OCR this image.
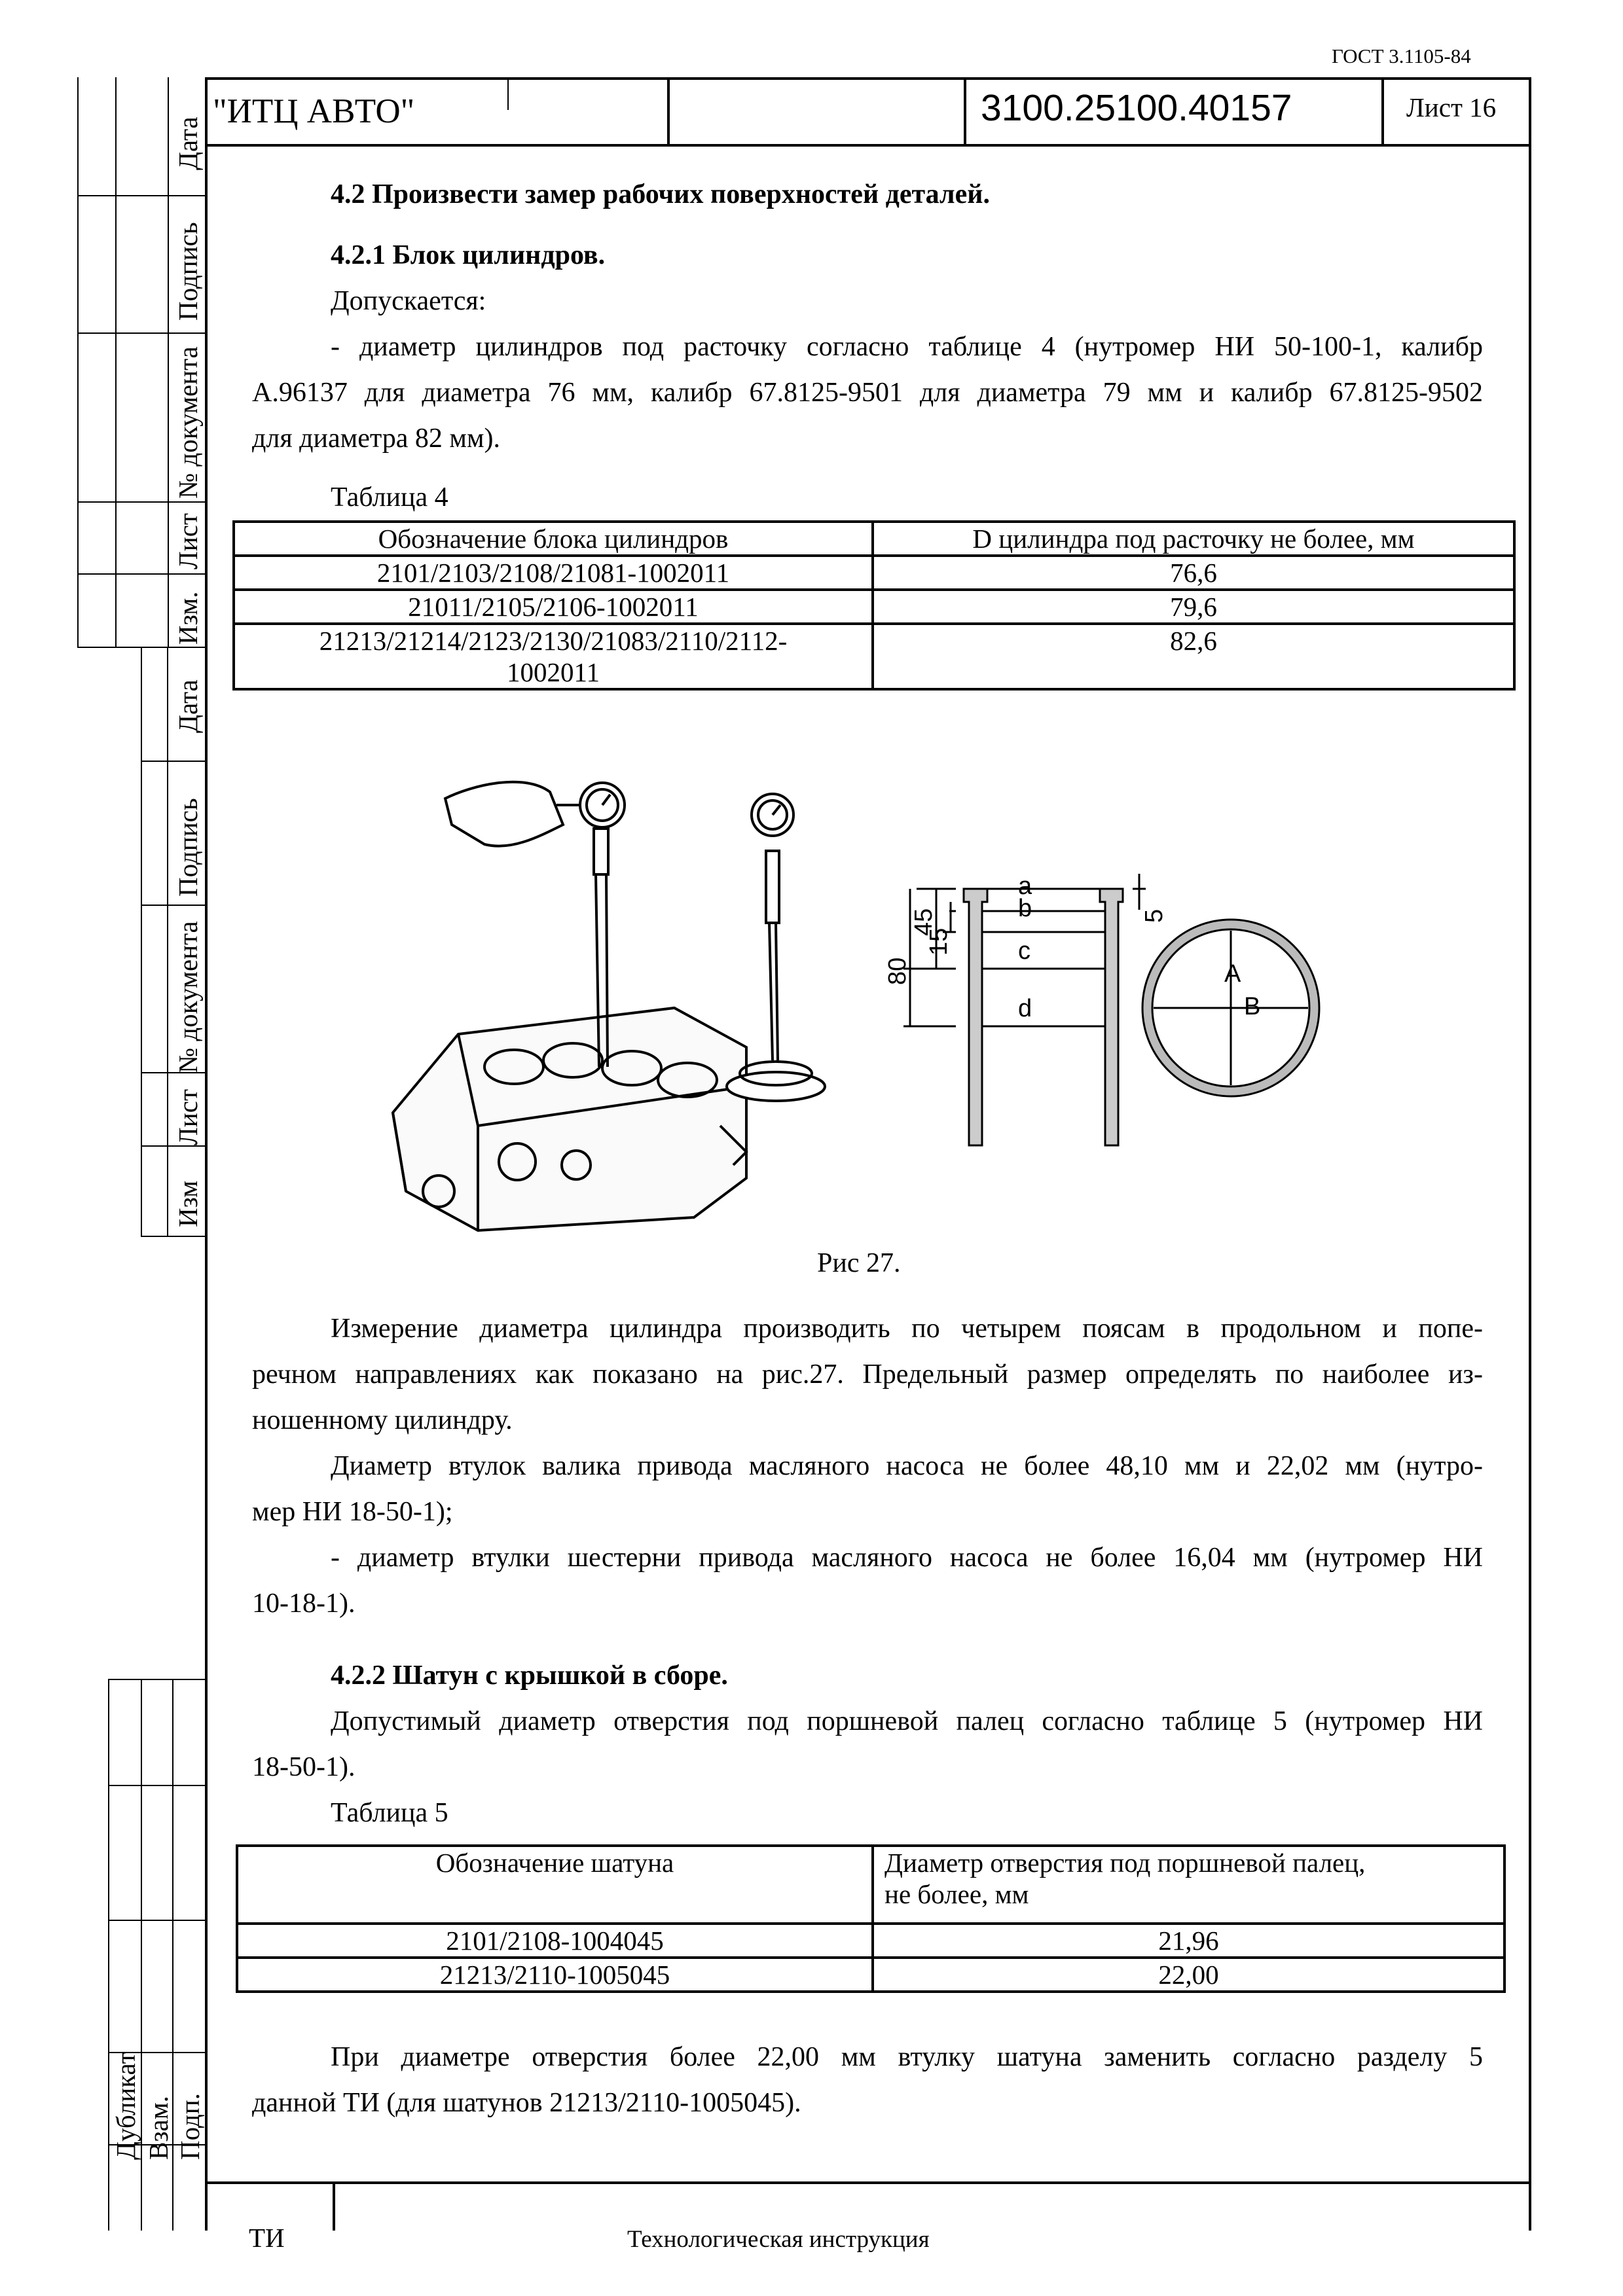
Дата
Подпись
№ документа
Лист
Изм.
Дата
Подпись
№ документа
Лист
Изм
Дубликат Взам. Подп.
ГОСТ 3.1105-84
"ИТЦ АВТО"	3100.25100.40157	Лист 16
4.2 Произвести замер рабочих поверхностей деталей.
4.2.1 Блок цилиндров.
Допускается:
- диаметр цилиндров под расточку согласно таблице 4 (нутромер НИ 50-100-1, калибр
А.96137 для диаметра 76 мм, калибр 67.8125-9501 для диаметра 79 мм и калибр 67.8125-9502
для диаметра 82 мм).
Таблица 4
Обозначение блока цилиндров	D цилиндра под расточку не более, мм
2101/2103/2108/21081-1002011	76,6
21011/2105/2106-1002011	79,6
21213/21214/2123/2130/21083/2110/2112-
1002011	82,6
a
b
c
d
A
B
45
15
80
5
Рис 27.
Измерение диаметра цилиндра производить по четырем поясам в продольном и попе-
речном направлениях как показано на рис.27. Предельный размер определять по наиболее из-
ношенному цилиндру.
Диаметр втулок валика привода масляного насоса не более 48,10 мм и 22,02 мм (нутро-
мер НИ 18-50-1);
- диаметр втулки шестерни привода масляного насоса не более 16,04 мм (нутромер НИ
10-18-1).
4.2.2 Шатун с крышкой в сборе.
Допустимый диаметр отверстия под поршневой палец согласно таблице 5 (нутромер НИ
18-50-1).
Таблица 5
Обозначение шатуна	Диаметр отверстия под поршневой палец,
не более, мм
2101/2108-1004045	21,96
21213/2110-1005045	22,00
При диаметре отверстия более 22,00 мм втулку шатуна заменить согласно разделу 5
данной ТИ (для шатунов 21213/2110-1005045).
ТИ	Технологическая инструкция
